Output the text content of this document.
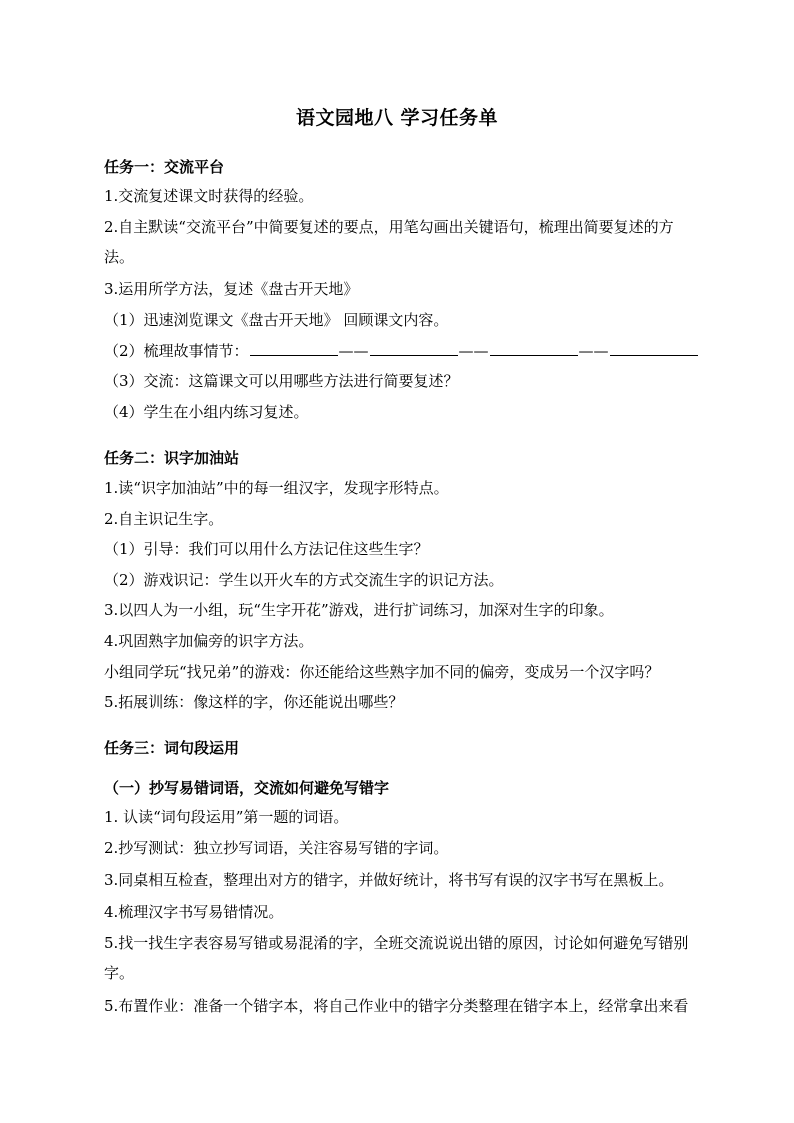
语文园地八 学习任务单
任务一：交流平台
1.交流复述课文时获得的经验。
2.自主默读“交流平台”中简要复述的要点，用笔勾画出关键语句，梳理出简要复述的方
法。
3.运用所学方法，复述《盘古开天地》
（1）迅速浏览课文《盘古开天地》 回顾课文内容。
（2）梳理故事情节：	——	——	——
（3）交流：这篇课文可以用哪些方法进行简要复述？
（4）学生在小组内练习复述。
任务二：识字加油站
1.读“识字加油站”中的每一组汉字，发现字形特点。
2.自主识记生字。
（1）引导：我们可以用什么方法记住这些生字？
（2）游戏识记：学生以开火车的方式交流生字的识记方法。
3.以四人为一小组，玩“生字开花”游戏，进行扩词练习，加深对生字的印象。
4.巩固熟字加偏旁的识字方法。
小组同学玩“找兄弟”的游戏：你还能给这些熟字加不同的偏旁，变成另一个汉字吗？
5.拓展训练：像这样的字，你还能说出哪些？
任务三：词句段运用
（一）抄写易错词语，交流如何避免写错字
1. 认读“词句段运用”第一题的词语。
2.抄写测试：独立抄写词语，关注容易写错的字词。
3.同桌相互检查，整理出对方的错字，并做好统计，将书写有误的汉字书写在黑板上。
4.梳理汉字书写易错情况。
5.找一找生字表容易写错或易混淆的字，全班交流说说出错的原因，讨论如何避免写错别
字。
5.布置作业：准备一个错字本，将自己作业中的错字分类整理在错字本上，经常拿出来看
